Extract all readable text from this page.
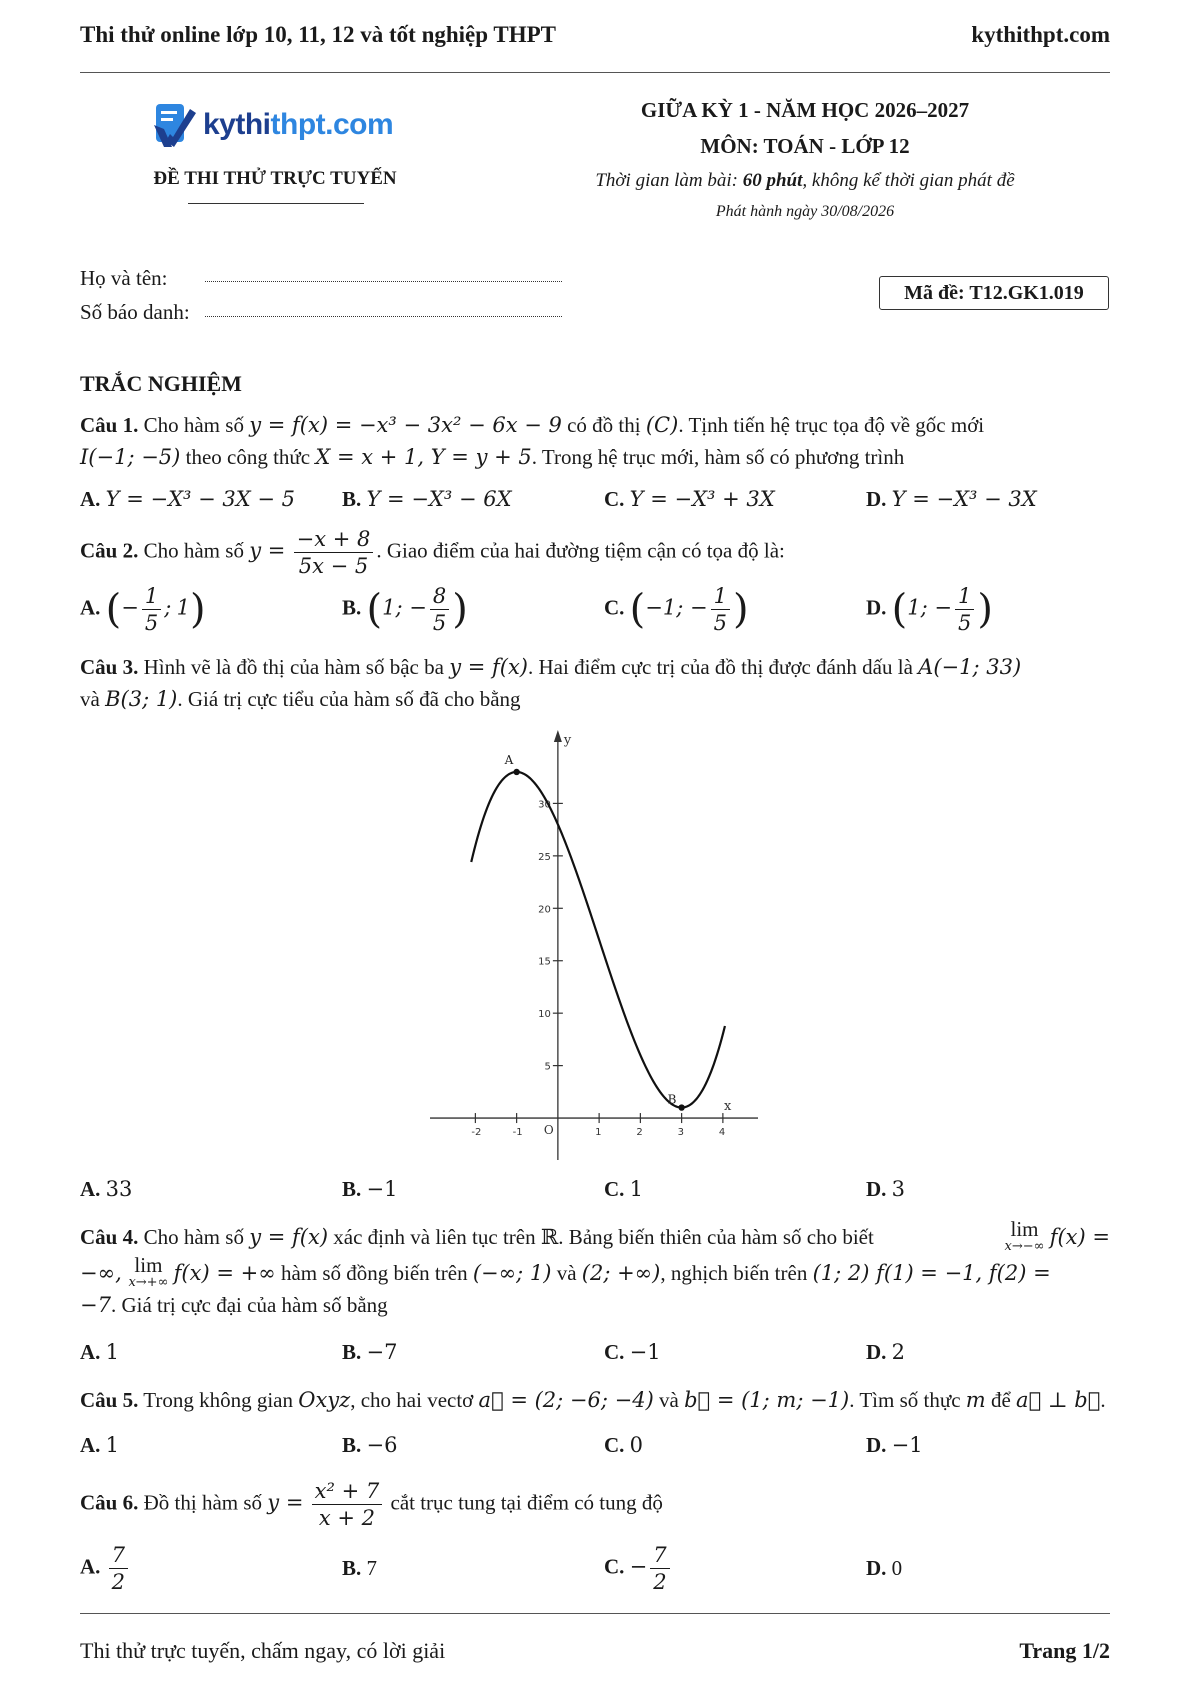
Thi thử online lớp 10, 11, 12 và tốt nghiệp THPT	kythithpt.com
kythithpt.com
ĐỀ THI THỬ TRỰC TUYẾN
GIỮA KỲ 1 - NĂM HỌC 2026–2027
MÔN: TOÁN - LỚP 12
Thời gian làm bài: 60 phút, không kể thời gian phát đề
Phát hành ngày 30/08/2026
Họ và tên:
Số báo danh:
Mã đề: T12.GK1.019
TRẮC NGHIỆM
Câu 1. Cho hàm số y = f(x) = −x³ − 3x² − 6x − 9 có đồ thị (C). Tịnh tiến hệ trục tọa độ về gốc mới
I(−1; −5) theo công thức X = x + 1, Y = y + 5. Trong hệ trục mới, hàm số có phương trình
A. Y = −X³ − 3X − 5 B. Y = −X³ − 6X	C. Y = −X³ + 3X	D. Y = −X³ − 3X
Câu 2. Cho hàm số $y = \frac{-x + 8}{5x - 5}$ . Giao điểm của hai đường tiệm cận có tọa độ là:
A. (− $\frac{1}{5}$ ; 1)	B. (1; − $\frac{8}{5}$ )	C. (−1; − $\frac{1}{5}$ )	D. (1; − $\frac{1}{5}$ )
Câu 3. Hình vẽ là đồ thị của hàm số bậc ba y = f(x). Hai điểm cực trị của đồ thị được đánh dấu là A(−1; 33)
và B(3; 1). Giá trị cực tiểu của hàm số đã cho bằng
x
y
O
-2	-1	1	2	3	4
5
10
15
20
25
30
A
B
A. 33	B. −1	C. 1	D. 3
Câu 4. Cho hàm số y = f(x) xác định và liên tục trên ℝ. Bảng biến thiên của hàm số cho biết	lim
x→−∞ f(x) =
−∞, lim
x→+∞ f(x) = +∞ hàm số đồng biến trên (−∞; 1) và (2; +∞), nghịch biến trên (1; 2) f(1) = −1, f(2) =
−7. Giá trị cực đại của hàm số bằng
A. 1	B. −7	C. −1	D. 2
Câu 5. Trong không gian Oxyz, cho hai vectơ a⃗ = (2; −6; −4) và b⃗ = (1; m; −1). Tìm số thực m để a⃗ ⊥ b⃗.
A. 1	B. −6	C. 0	D. −1
Câu 6. Đồ thị hàm số $y = \frac{\text{x² + 7}}{x + 2}$ cắt trục tung tại điểm có tung độ
A. $\frac{7}{2}$	B. 7	C. − $\frac{7}{2}$	D. 0
Thi thử trực tuyến, chấm ngay, có lời giải	Trang 1/2
